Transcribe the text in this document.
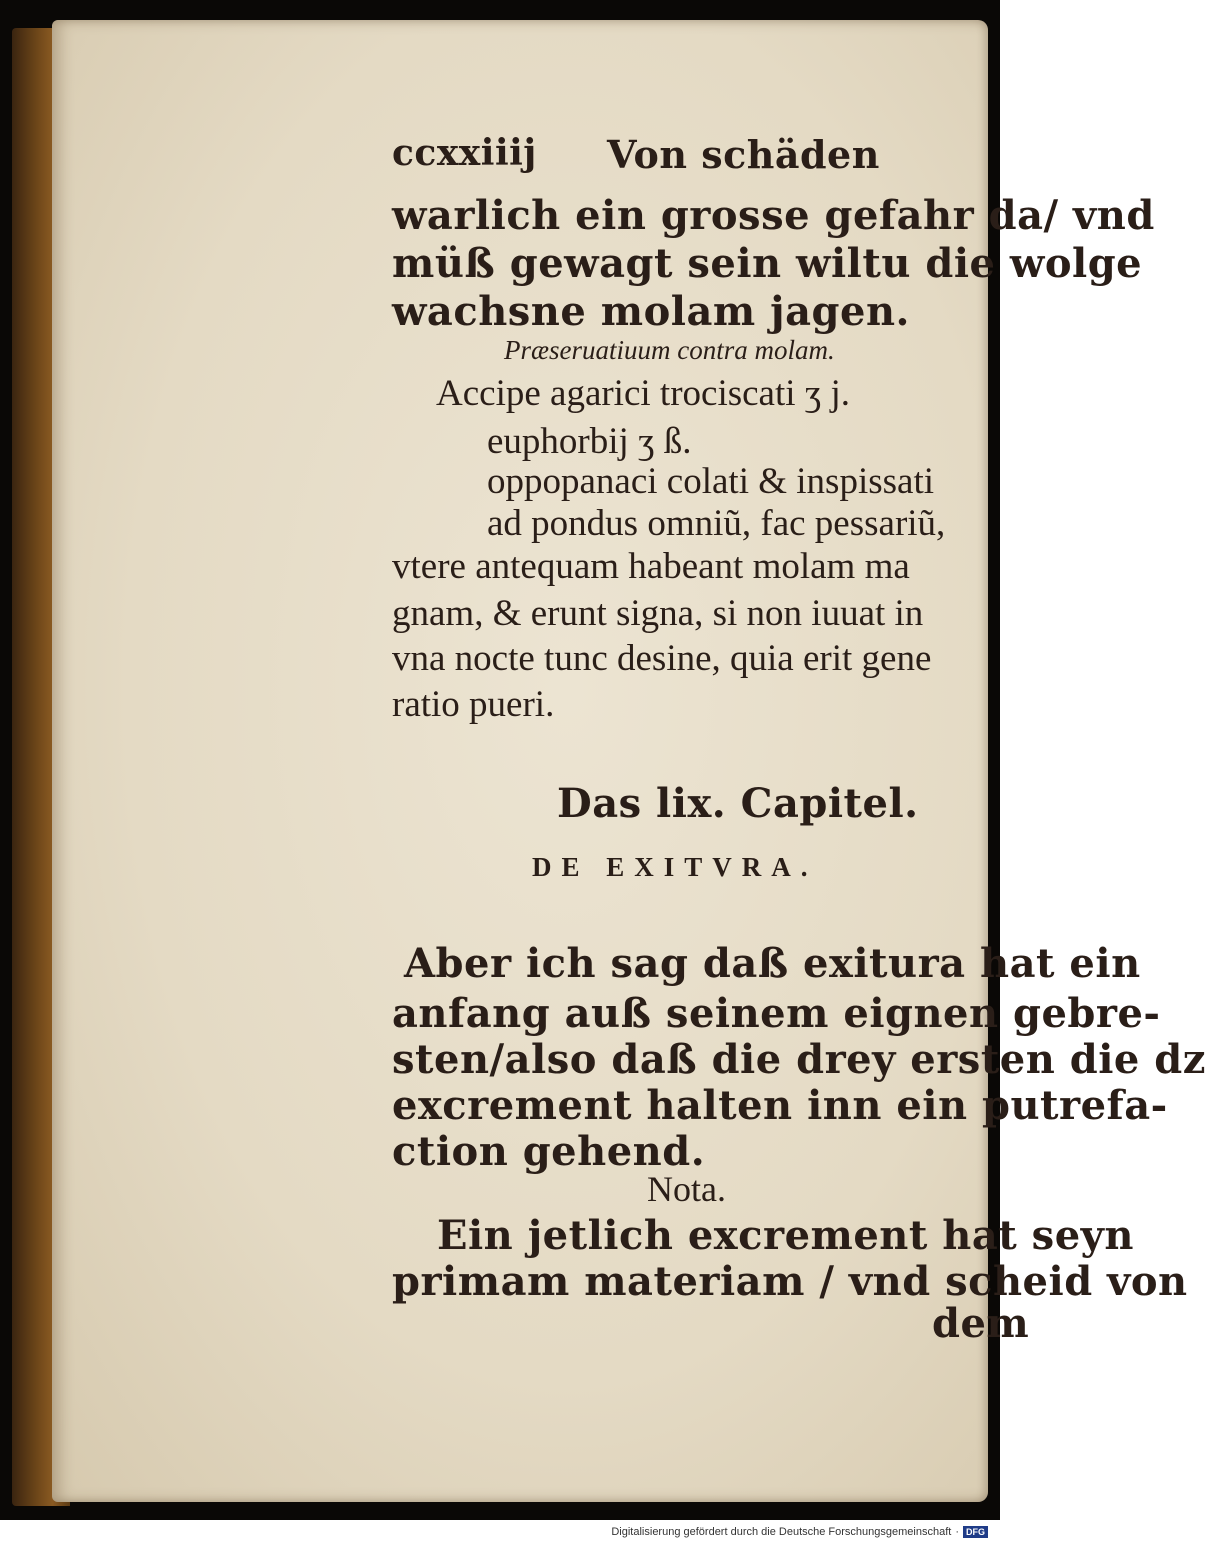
ccxxiiij Von schäden
warlich ein grosse gefahr da/ vnd
müß gewagt sein wiltu die wolge
wachsne molam jagen.
Præseruatiuum contra molam.
Accipe agarici trociscati ʒ j.
euphorbij ʒ ß.
oppopanaci colati & inspissati
ad pondus omniũ, fac pessariũ,
vtere antequam habeant molam ma
gnam, & erunt signa, si non iuuat in
vna nocte tunc desine, quia erit gene
ratio pueri.
Das lix. Capitel.
DE EXITVRA.
Aber ich sag daß exitura hat ein
anfang auß seinem eignen gebre-
sten/also daß die drey ersten die dz
excrement halten inn ein putrefa-
ction gehend.
Nota.
Ein jetlich excrement hat seyn
primam materiam / vnd scheid von
dem
Digitalisierung gefördert durch die Deutsche Forschungsgemeinschaft · DFG
